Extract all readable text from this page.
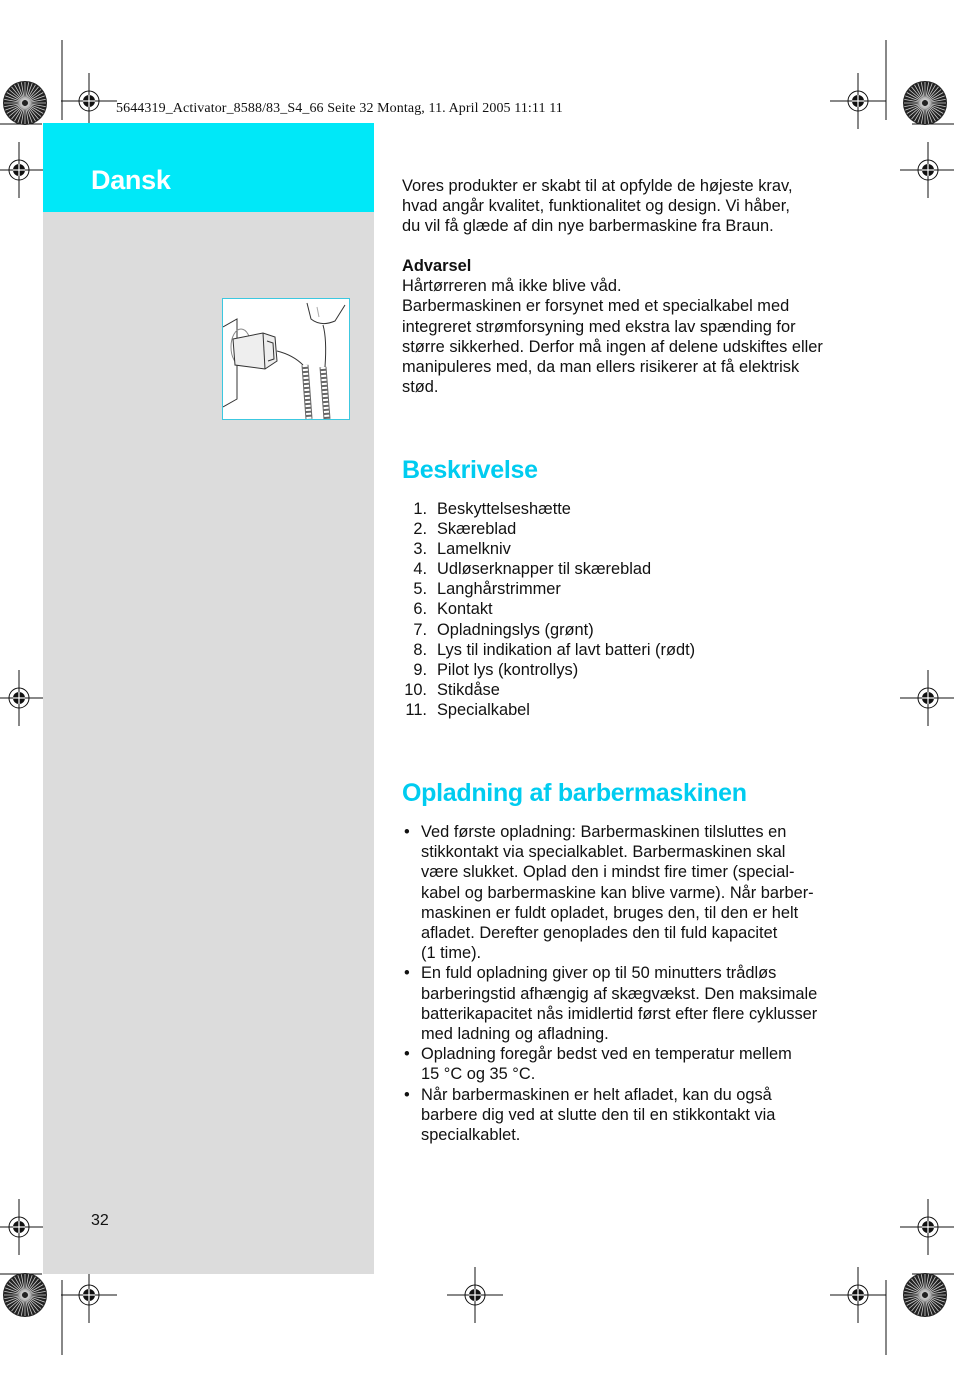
5644319_Activator_8588/83_S4_66 Seite 32 Montag, 11. April 2005 11:11 11
Dansk	Vores produkter er skabt til at opfylde de højeste krav,
hvad angår kvalitet, funktionalitet og design. Vi håber,
du vil få glæde af din nye barbermaskine fra Braun.
Advarsel
Hårtørreren må ikke blive våd.
Barbermaskinen er forsynet med et specialkabel med
integreret strømforsyning med ekstra lav spænding for
større sikkerhed. Derfor må ingen af delene udskiftes eller
manipuleres med, da man ellers risikerer at få elektrisk
stød.
Beskrivelse
1. Beskyttelseshætte
2. Skæreblad
3. Lamelkniv
4. Udløserknapper til skæreblad
5. Langhårstrimmer
6. Kontakt
7. Opladningslys (grønt)
8. Lys til indikation af lavt batteri (rødt)
9. Pilot lys (kontrollys)
10. Stikdåse
11. Specialkabel
Opladning af barbermaskinen
• Ved første opladning: Barbermaskinen tilsluttes en
stikkontakt via specialkablet. Barbermaskinen skal
være slukket. Oplad den i mindst fire timer (special-
kabel og barbermaskine kan blive varme). Når barber-
maskinen er fuldt opladet, bruges den, til den er helt
afladet. Derefter genoplades den til fuld kapacitet
(1 time).
• En fuld opladning giver op til 50 minutters trådløs
barberingstid afhængig af skægvækst. Den maksimale
batterikapacitet nås imidlertid først efter flere cyklusser
med ladning og afladning.
• Opladning foregår bedst ved en temperatur mellem
15 °C og 35 °C.
• Når barbermaskinen er helt afladet, kan du også
barbere dig ved at slutte den til en stikkontakt via
specialkablet.
32
